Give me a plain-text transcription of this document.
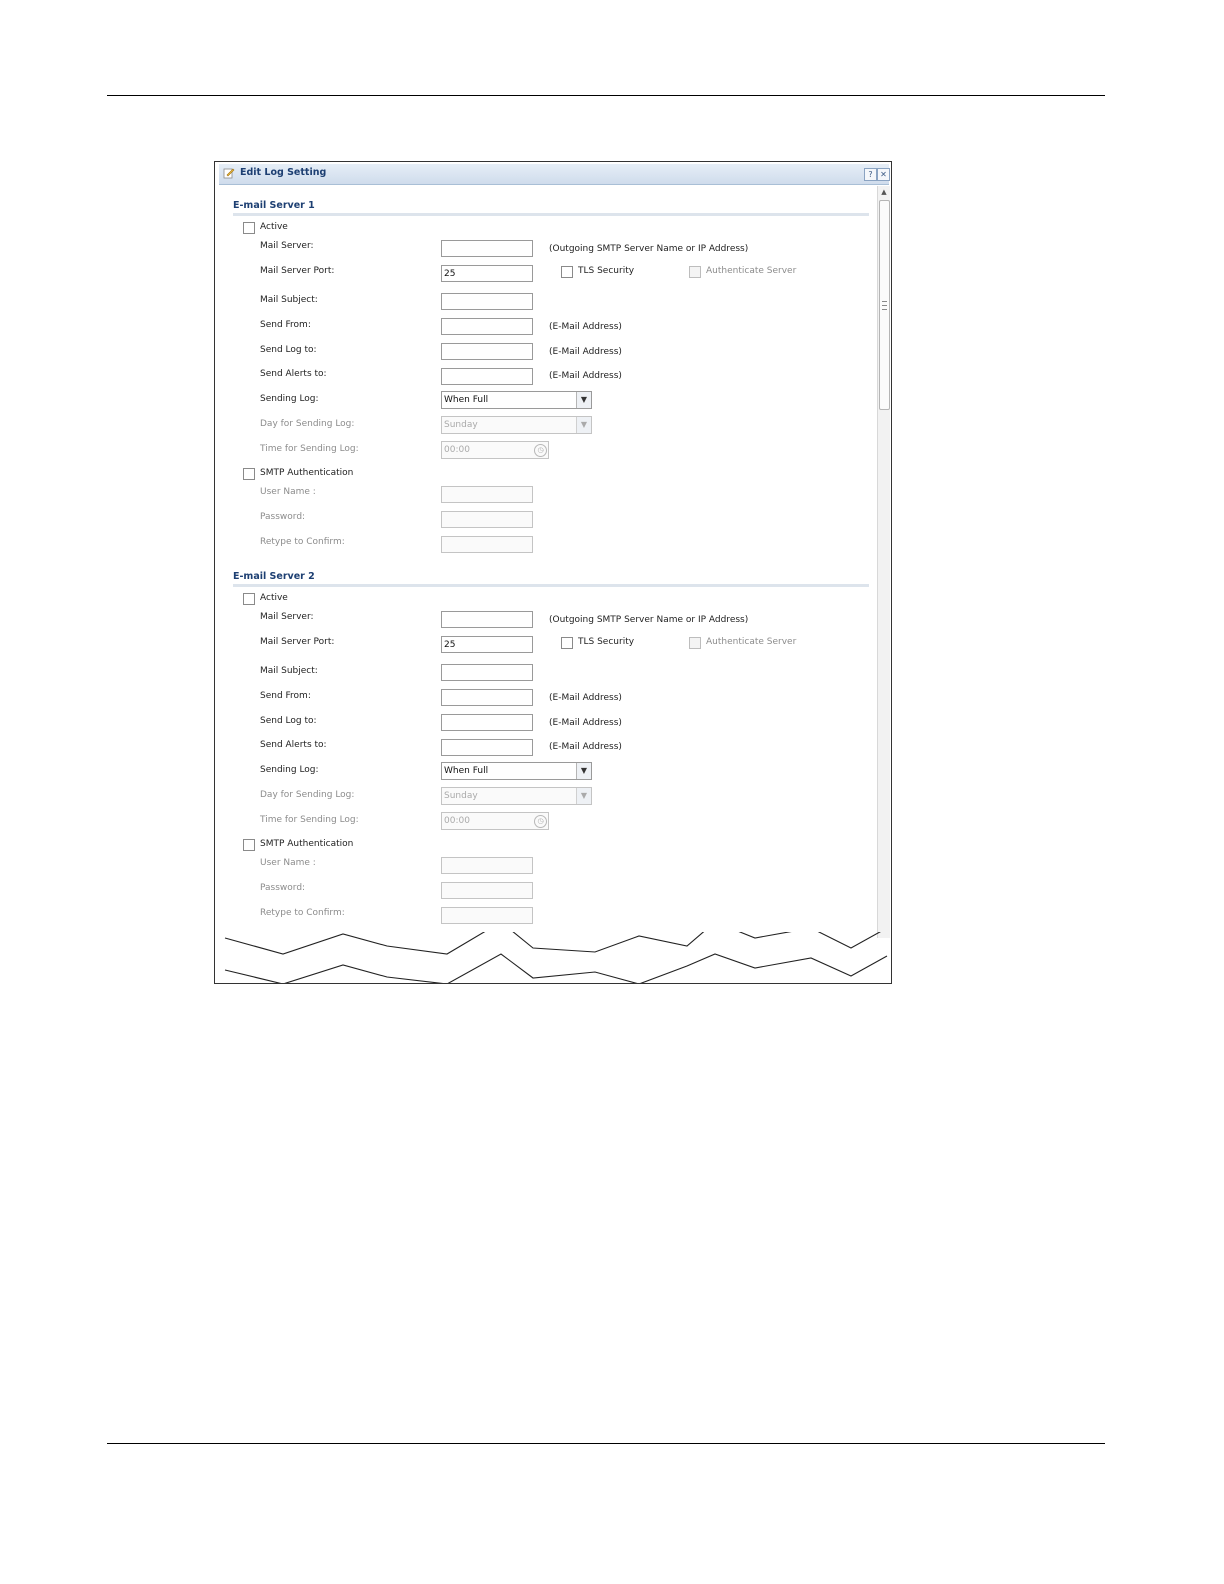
Edit Log Setting	? ✕
▲
E-mail Server 1
Active
Mail Server:	(Outgoing SMTP Server Name or IP Address)
Mail Server Port:	25	TLS Security	Authenticate Server
Mail Subject:
Send From:	(E-Mail Address)
Send Log to:	(E-Mail Address)
Send Alerts to:	(E-Mail Address)
Sending Log:	When Full	▼
Day for Sending Log:	Sunday	▼
Time for Sending Log:	00:00	◷
SMTP Authentication
User Name :
Password:
Retype to Confirm:
E-mail Server 2
Active
Mail Server:	(Outgoing SMTP Server Name or IP Address)
Mail Server Port:	25	TLS Security	Authenticate Server
Mail Subject:
Send From:	(E-Mail Address)
Send Log to:	(E-Mail Address)
Send Alerts to:	(E-Mail Address)
Sending Log:	When Full	▼
Day for Sending Log:	Sunday	▼
Time for Sending Log:	00:00	◷
SMTP Authentication
User Name :
Password:
Retype to Confirm:
